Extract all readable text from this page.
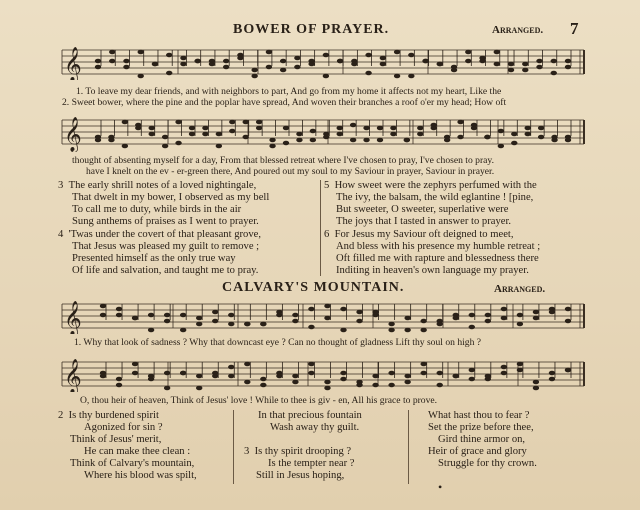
BOWER OF PRAYER.	Arranged. 7
𝄞
1. To leave my dear friends, and with neighbors to part, And go from my home it affects not my heart, Like the
2. Sweet bower, where the pine and the poplar have spread, And woven their branches a roof o'er my head; How oft
𝄞
thought of absenting myself for a day, From that blessed retreat where I've chosen to pray, I've chosen to pray.
have I knelt on the ev - er-green there, And poured out my soul to my Saviour in prayer, Saviour in prayer.
3 The early shrill notes of a loved nightingale,
That dwelt in my bower, I observed as my bell
To call me to duty, while birds in the air
Sung anthems of praises as I went to prayer.
4 'Twas under the covert of that pleasant grove,
That Jesus was pleased my guilt to remove ;
Presented himself as the only true way
Of life and salvation, and taught me to pray.
5 How sweet were the zephyrs perfumed with the
The ivy, the balsam, the wild eglantine ! [pine,
But sweeter, O sweeter, superlative were
The joys that I tasted in answer to prayer.
6 For Jesus my Saviour oft deigned to meet,
And bless with his presence my humble retreat ;
Oft filled me with rapture and blessedness there
Inditing in heaven's own language my prayer.
CALVARY'S MOUNTAIN.	Arranged.
𝄞
1. Why that look of sadness ? Why that downcast eye ? Can no thought of gladness Lift thy soul on high ?
𝄞
O, thou heir of heaven, Think of Jesus' love ! While to thee is giv - en, All his grace to prove.
2 Is thy burdened spirit
Agonized for sin ?
Think of Jesus' merit,
He can make thee clean :
Think of Calvary's mountain,
Where his blood was spilt,
In that precious fountain
Wash away thy guilt.
3 Is thy spirit drooping ?
Is the tempter near ?
Still in Jesus hoping,
What hast thou to fear ?
Set the prize before thee,
Gird thine armor on,
Heir of grace and glory
Struggle for thy crown.
•
